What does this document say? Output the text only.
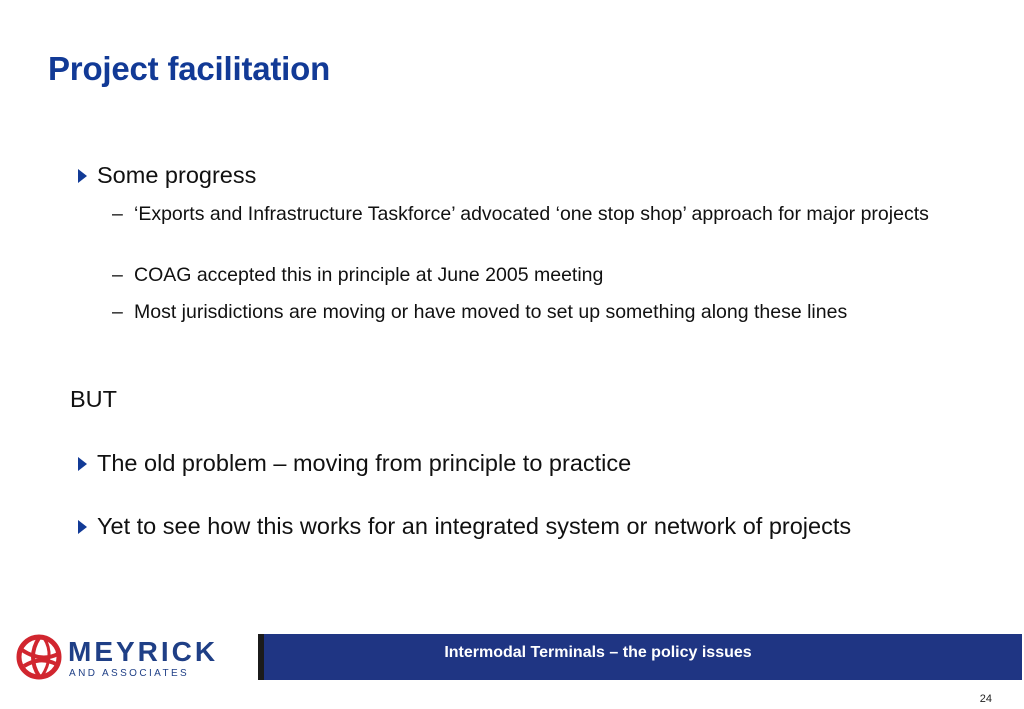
Project facilitation
Some progress
– ‘Exports and Infrastructure Taskforce’ advocated ‘one stop shop’ approach for major projects
– COAG accepted this in principle at June 2005 meeting
– Most jurisdictions are moving or have moved to set up something along these lines
BUT
The old problem – moving from principle to practice
Yet to see how this works for an integrated system or network of projects
MEYRICK
AND ASSOCIATES
Intermodal Terminals – the policy issues
24
